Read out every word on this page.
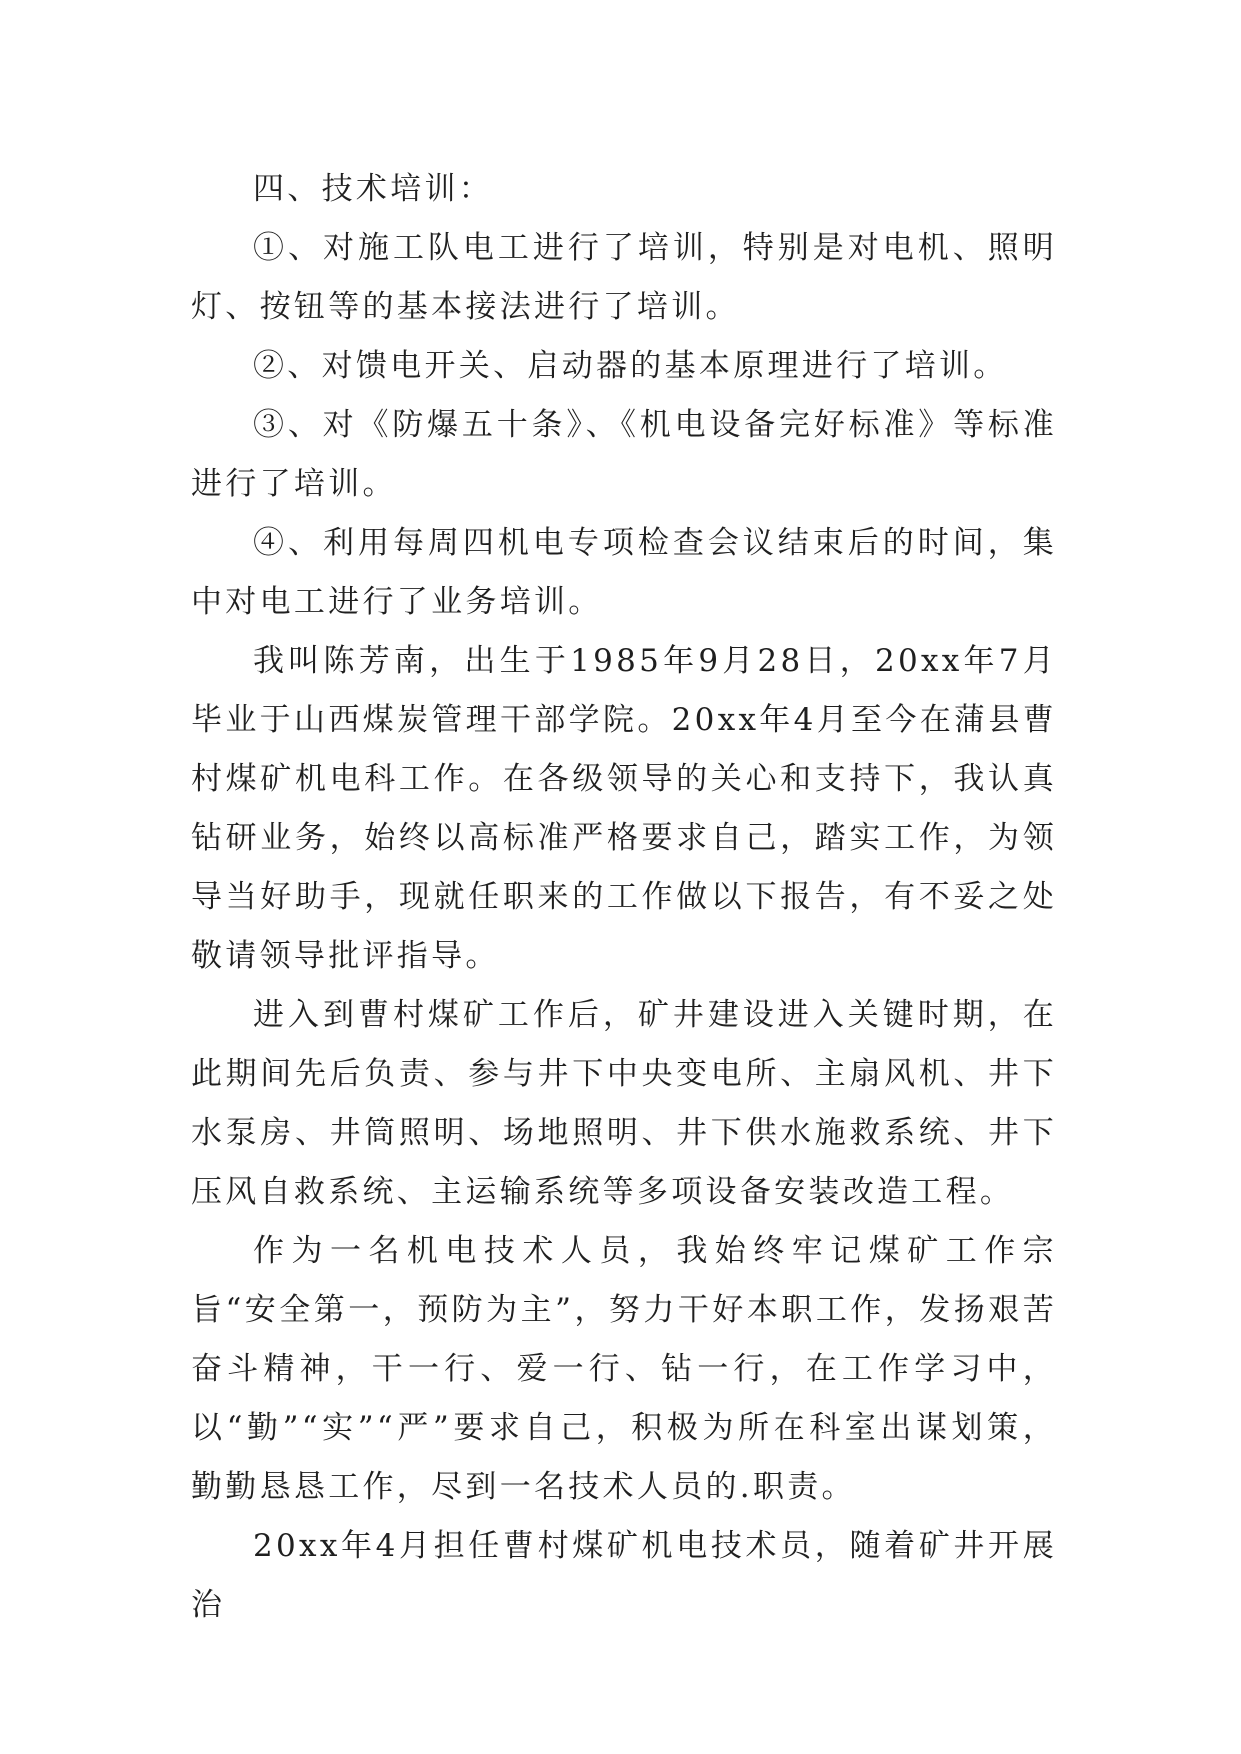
四、技术培训：

①、对施工队电工进行了培训，特别是对电机、照明灯、按钮等的基本接法进行了培训。

②、对馈电开关、启动器的基本原理进行了培训。

③、对《防爆五十条》、《机电设备完好标准》等标准进行了培训。

④、利用每周四机电专项检查会议结束后的时间，集中对电工进行了业务培训。

我叫陈芳南，出生于1985年9月28日，20xx年7月毕业于山西煤炭管理干部学院。20xx年4月至今在蒲县曹村煤矿机电科工作。在各级领导的关心和支持下，我认真钻研业务，始终以高标准严格要求自己，踏实工作，为领导当好助手，现就任职来的工作做以下报告，有不妥之处敬请领导批评指导。

进入到曹村煤矿工作后，矿井建设进入关键时期，在此期间先后负责、参与井下中央变电所、主扇风机、井下水泵房、井筒照明、场地照明、井下供水施救系统、井下压风自救系统、主运输系统等多项设备安装改造工程。

作为一名机电技术人员，我始终牢记煤矿工作宗旨“安全第一，预防为主”，努力干好本职工作，发扬艰苦奋斗精神，干一行、爱一行、钻一行，在工作学习中，以“勤”“实”“严”要求自己，积极为所在科室出谋划策，勤勤恳恳工作，尽到一名技术人员的.职责。

20xx年4月担任曹村煤矿机电技术员，随着矿井开展治
